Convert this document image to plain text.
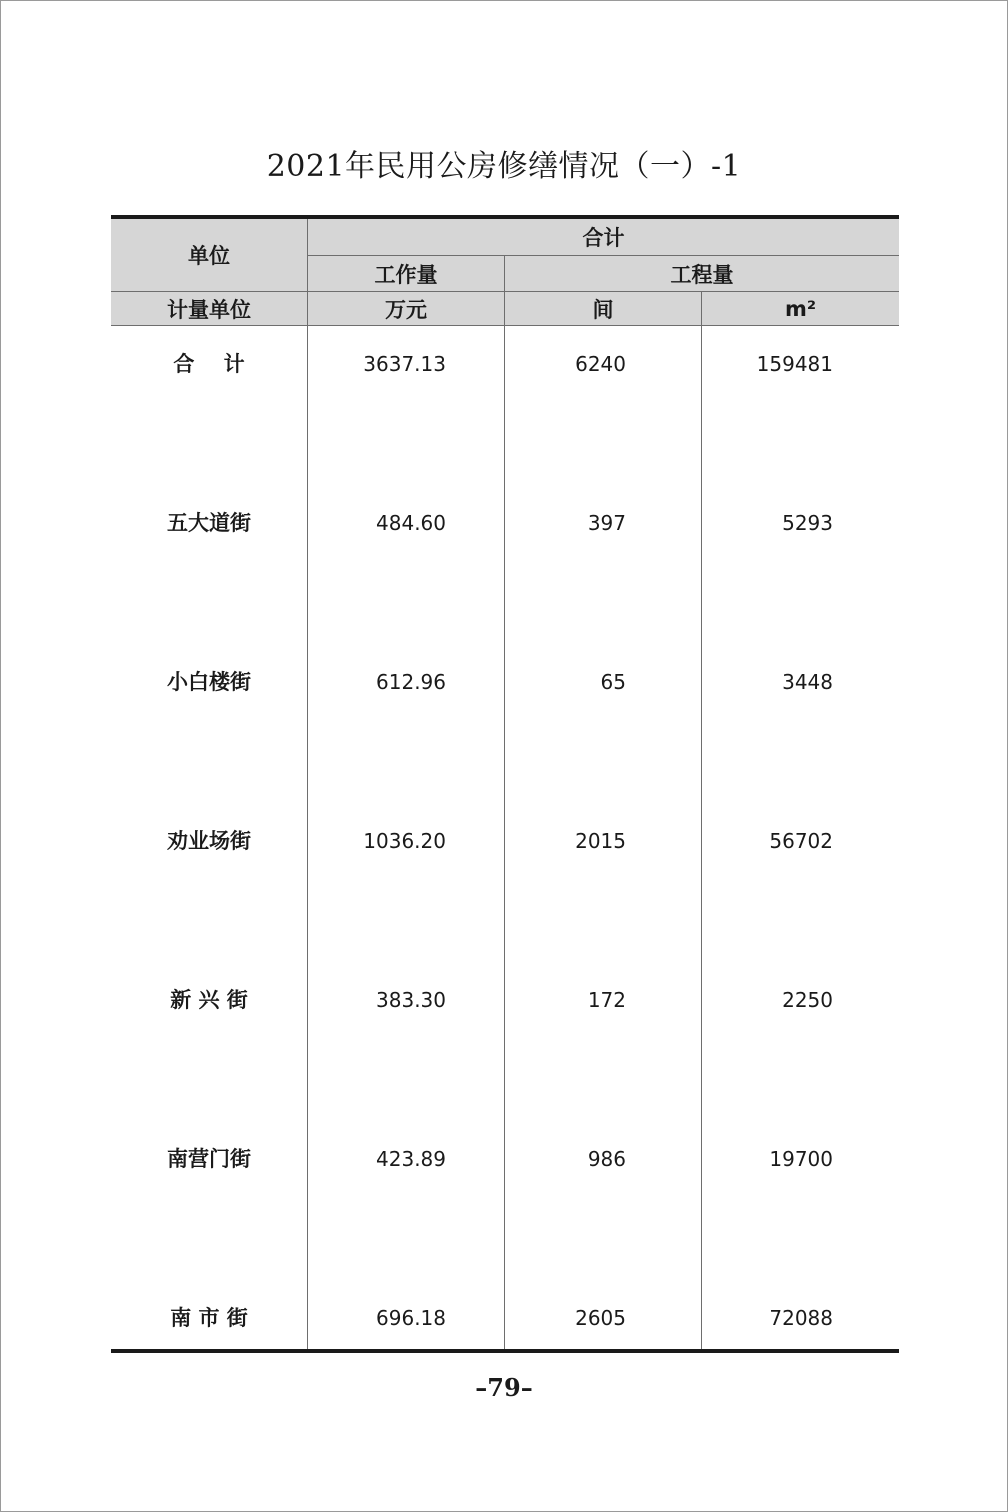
2021年民用公房修缮情况（一）-1
单位
合计
工作量	工程量
计量单位	万元	间	m²
合    计	3637.13	6240	159481
五大道街	484.60	397	5293
小白楼街	612.96	65	3448
劝业场街	1036.20	2015	56702
新 兴 街	383.30	172	2250
南营门街	423.89	986	19700
南 市 街	696.18	2605	72088
–79–
